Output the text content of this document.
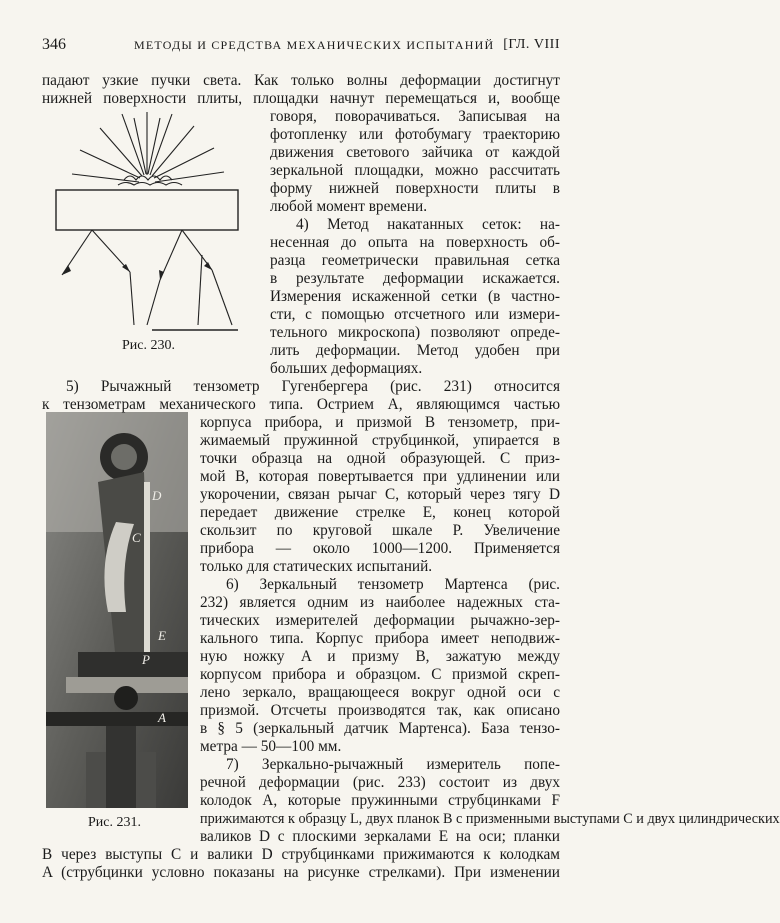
346	МЕТОДЫ И СРЕДСТВА МЕХАНИЧЕСКИХ ИСПЫТАНИЙ [ГЛ. VIII
Рис. 230.
D
C
E
P
A
Рис. 231.
падают узкие пучки света. Как только волны деформации достигнут
нижней поверхности плиты, площадки начнут перемещаться и, вообще
говоря, поворачиваться. Записывая на
фотопленку или фотобумагу траекторию
движения светового зайчика от каждой
зеркальной площадки, можно рассчитать
форму нижней поверхности плиты в
любой момент времени.
4) Метод накатанных сеток: на-
несенная до опыта на поверхность об-
разца геометрически правильная сетка
в результате деформации искажается.
Измерения искаженной сетки (в частно-
сти, с помощью отсчетного или измери-
тельного микроскопа) позволяют опреде-
лить деформации. Метод удобен при
больших деформациях.
5) Рычажный тензометр Гугенбергера (рис. 231) относится
к тензометрам механического типа. Острием A, являющимся частью
корпуса прибора, и призмой B тензометр, при-
жимаемый пружинной струбцинкой, упирается в
точки образца на одной образующей. С приз-
мой B, которая повертывается при удлинении или
укорочении, связан рычаг C, который через тягу D
передает движение стрелке E, конец которой
скользит по круговой шкале P. Увеличение
прибора — около 1000—1200. Применяется
только для статических испытаний.
6) Зеркальный тензометр Мартенса (рис.
232) является одним из наиболее надежных ста-
тических измерителей деформации рычажно-зер-
кального типа. Корпус прибора имеет неподвиж-
ную ножку A и призму B, зажатую между
корпусом прибора и образцом. С призмой скреп-
лено зеркало, вращающееся вокруг одной оси с
призмой. Отсчеты производятся так, как описано
в § 5 (зеркальный датчик Мартенса). База тензо-
метра — 50—100 мм.
7) Зеркально-рычажный измеритель попе-
речной деформации (рис. 233) состоит из двух
колодок A, которые пружинными струбцинками F
прижимаются к образцу L, двух планок B с призменными выступами C и двух цилиндрических
валиков D с плоскими зеркалами E на оси; планки
B через выступы C и валики D струбцинками прижимаются к колодкам
A (струбцинки условно показаны на рисунке стрелками). При изменении
